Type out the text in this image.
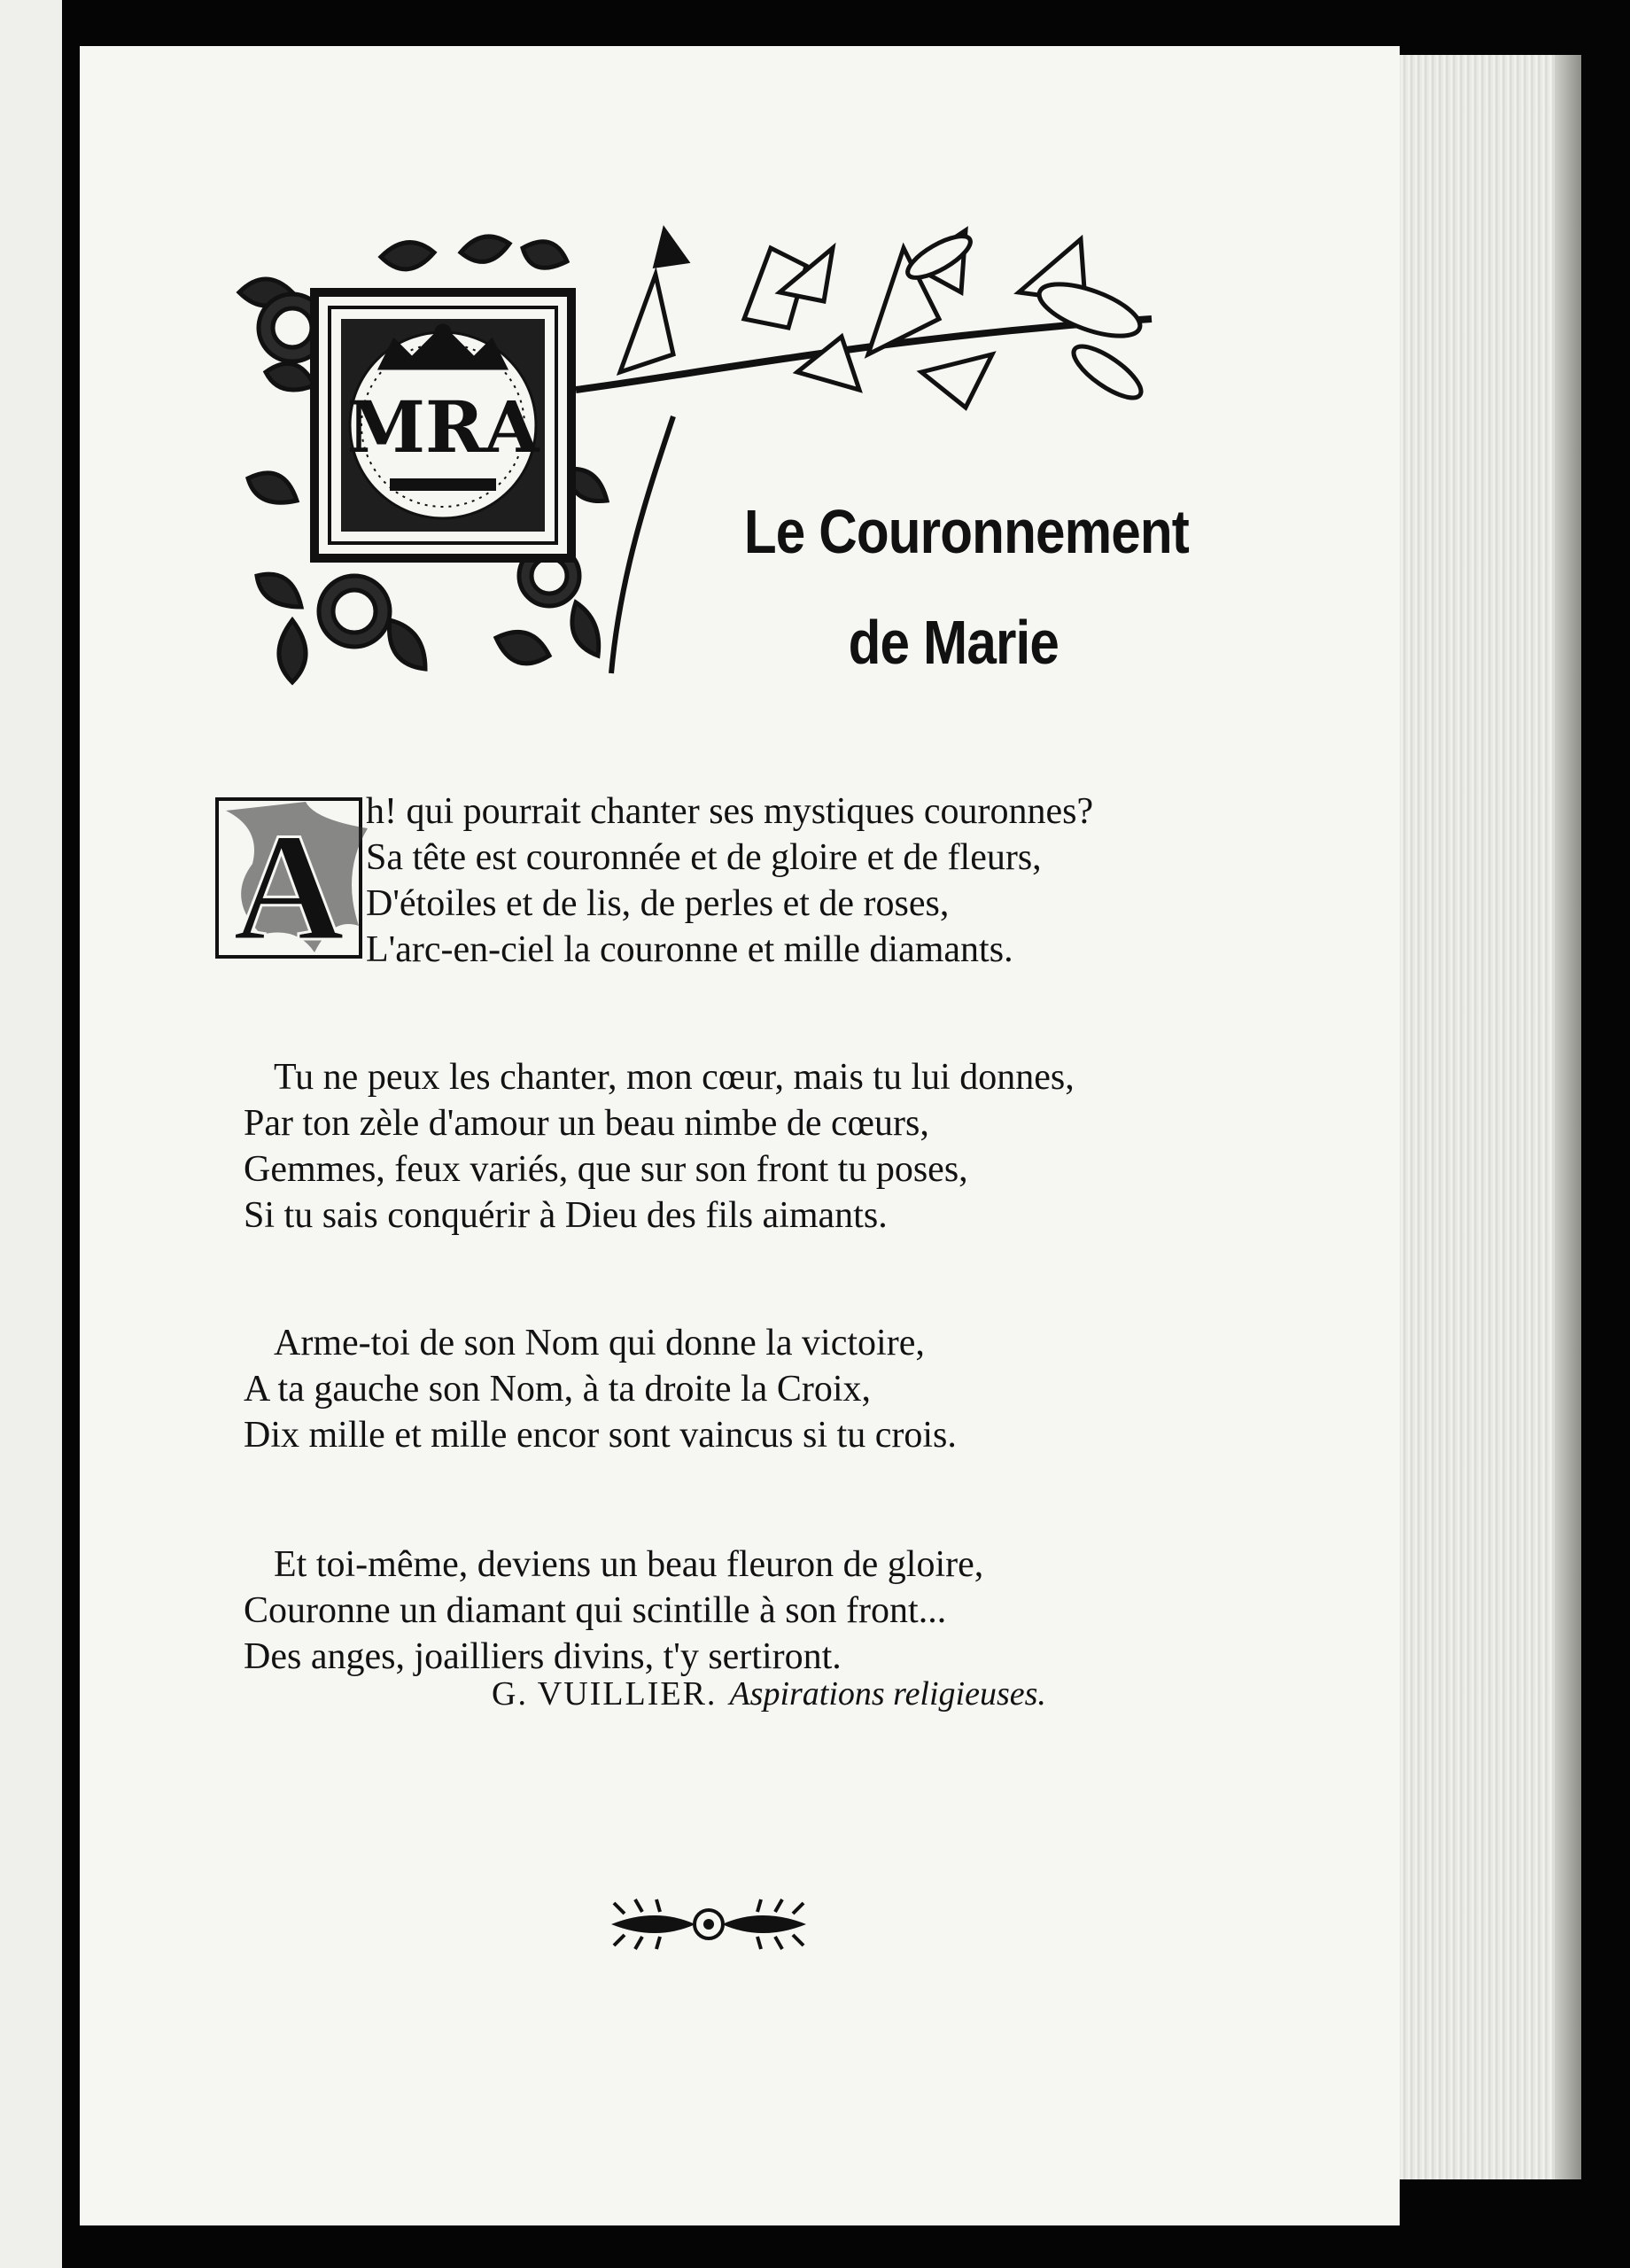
MRA
A
Le Couronnement
de Marie
h! qui pourrait chanter ses mystiques couronnes?
Sa tête est couronnée et de gloire et de fleurs,
D'étoiles et de lis, de perles et de roses,
L'arc-en-ciel la couronne et mille diamants.
Tu ne peux les chanter, mon cœur, mais tu lui donnes,
Par ton zèle d'amour un beau nimbe de cœurs,
Gemmes, feux variés, que sur son front tu poses,
Si tu sais conquérir à Dieu des fils aimants.
Arme-toi de son Nom qui donne la victoire,
A ta gauche son Nom, à ta droite la Croix,
Dix mille et mille encor sont vaincus si tu crois.
Et toi-même, deviens un beau fleuron de gloire,
Couronne un diamant qui scintille à son front...
Des anges, joailliers divins, t'y sertiront.
G. VUILLIER. Aspirations religieuses.
